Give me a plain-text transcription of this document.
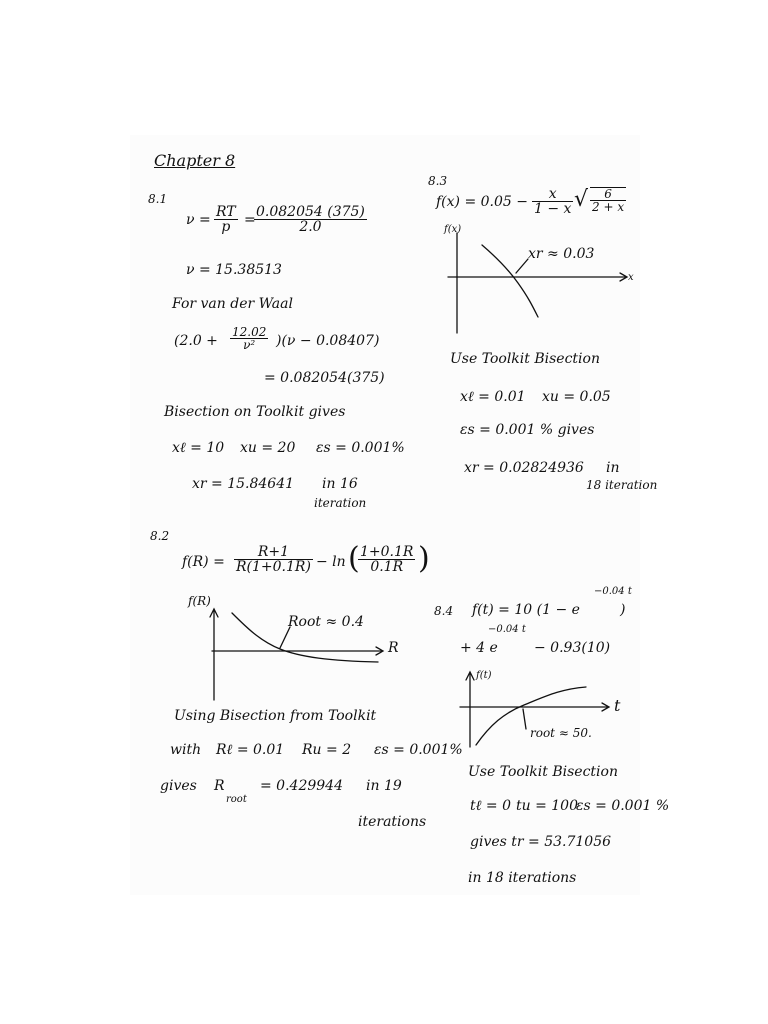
Chapter 8
8.1
$\nu = \frac{RT}{p}$ =
$\frac{0.082054 (375)}{2.0}$
ν = 15.38513
For van der Waal
$(2.0 + \frac{12.02}{\text{ν²}} )(\nu - 0.08407)$
= 0.082054(375)
Bisection on Toolkit gives
xℓ = 10 xu = 20 εs = 0.001%
xr = 15.84641 in 16
iteration
8.3
$f(x) = 0.05 - \frac{x}{1 - x}$ √ $\frac{6}{2 + x}$
f(x)
x
xr ≈ 0.03
Use Toolkit Bisection
xℓ = 0.01 xu = 0.05
εs = 0.001 % gives
xr = 0.02824936 in
18 iteration
8.2
$f(R) = \frac{R+1}{R(1+0.1R)} - \ln$ (
$\frac{1+0.1R}{0.1R}$ )
f(R)
R
Root ≈ 0.4
Using Bisection from Toolkit
with Rℓ = 0.01 Ru = 2 εs = 0.001%
gives R
root
= 0.429944 in 19
iterations
8.4 f(t) = 10 (1 − e
−0.04 t
)
+ 4 e
−0.04 t
− 0.93(10)
f(t)
t
root ≈ 50.
Use Toolkit Bisection
tℓ = 0 tu = 100
εs = 0.001 %
gives tr = 53.71056
in 18 iterations
